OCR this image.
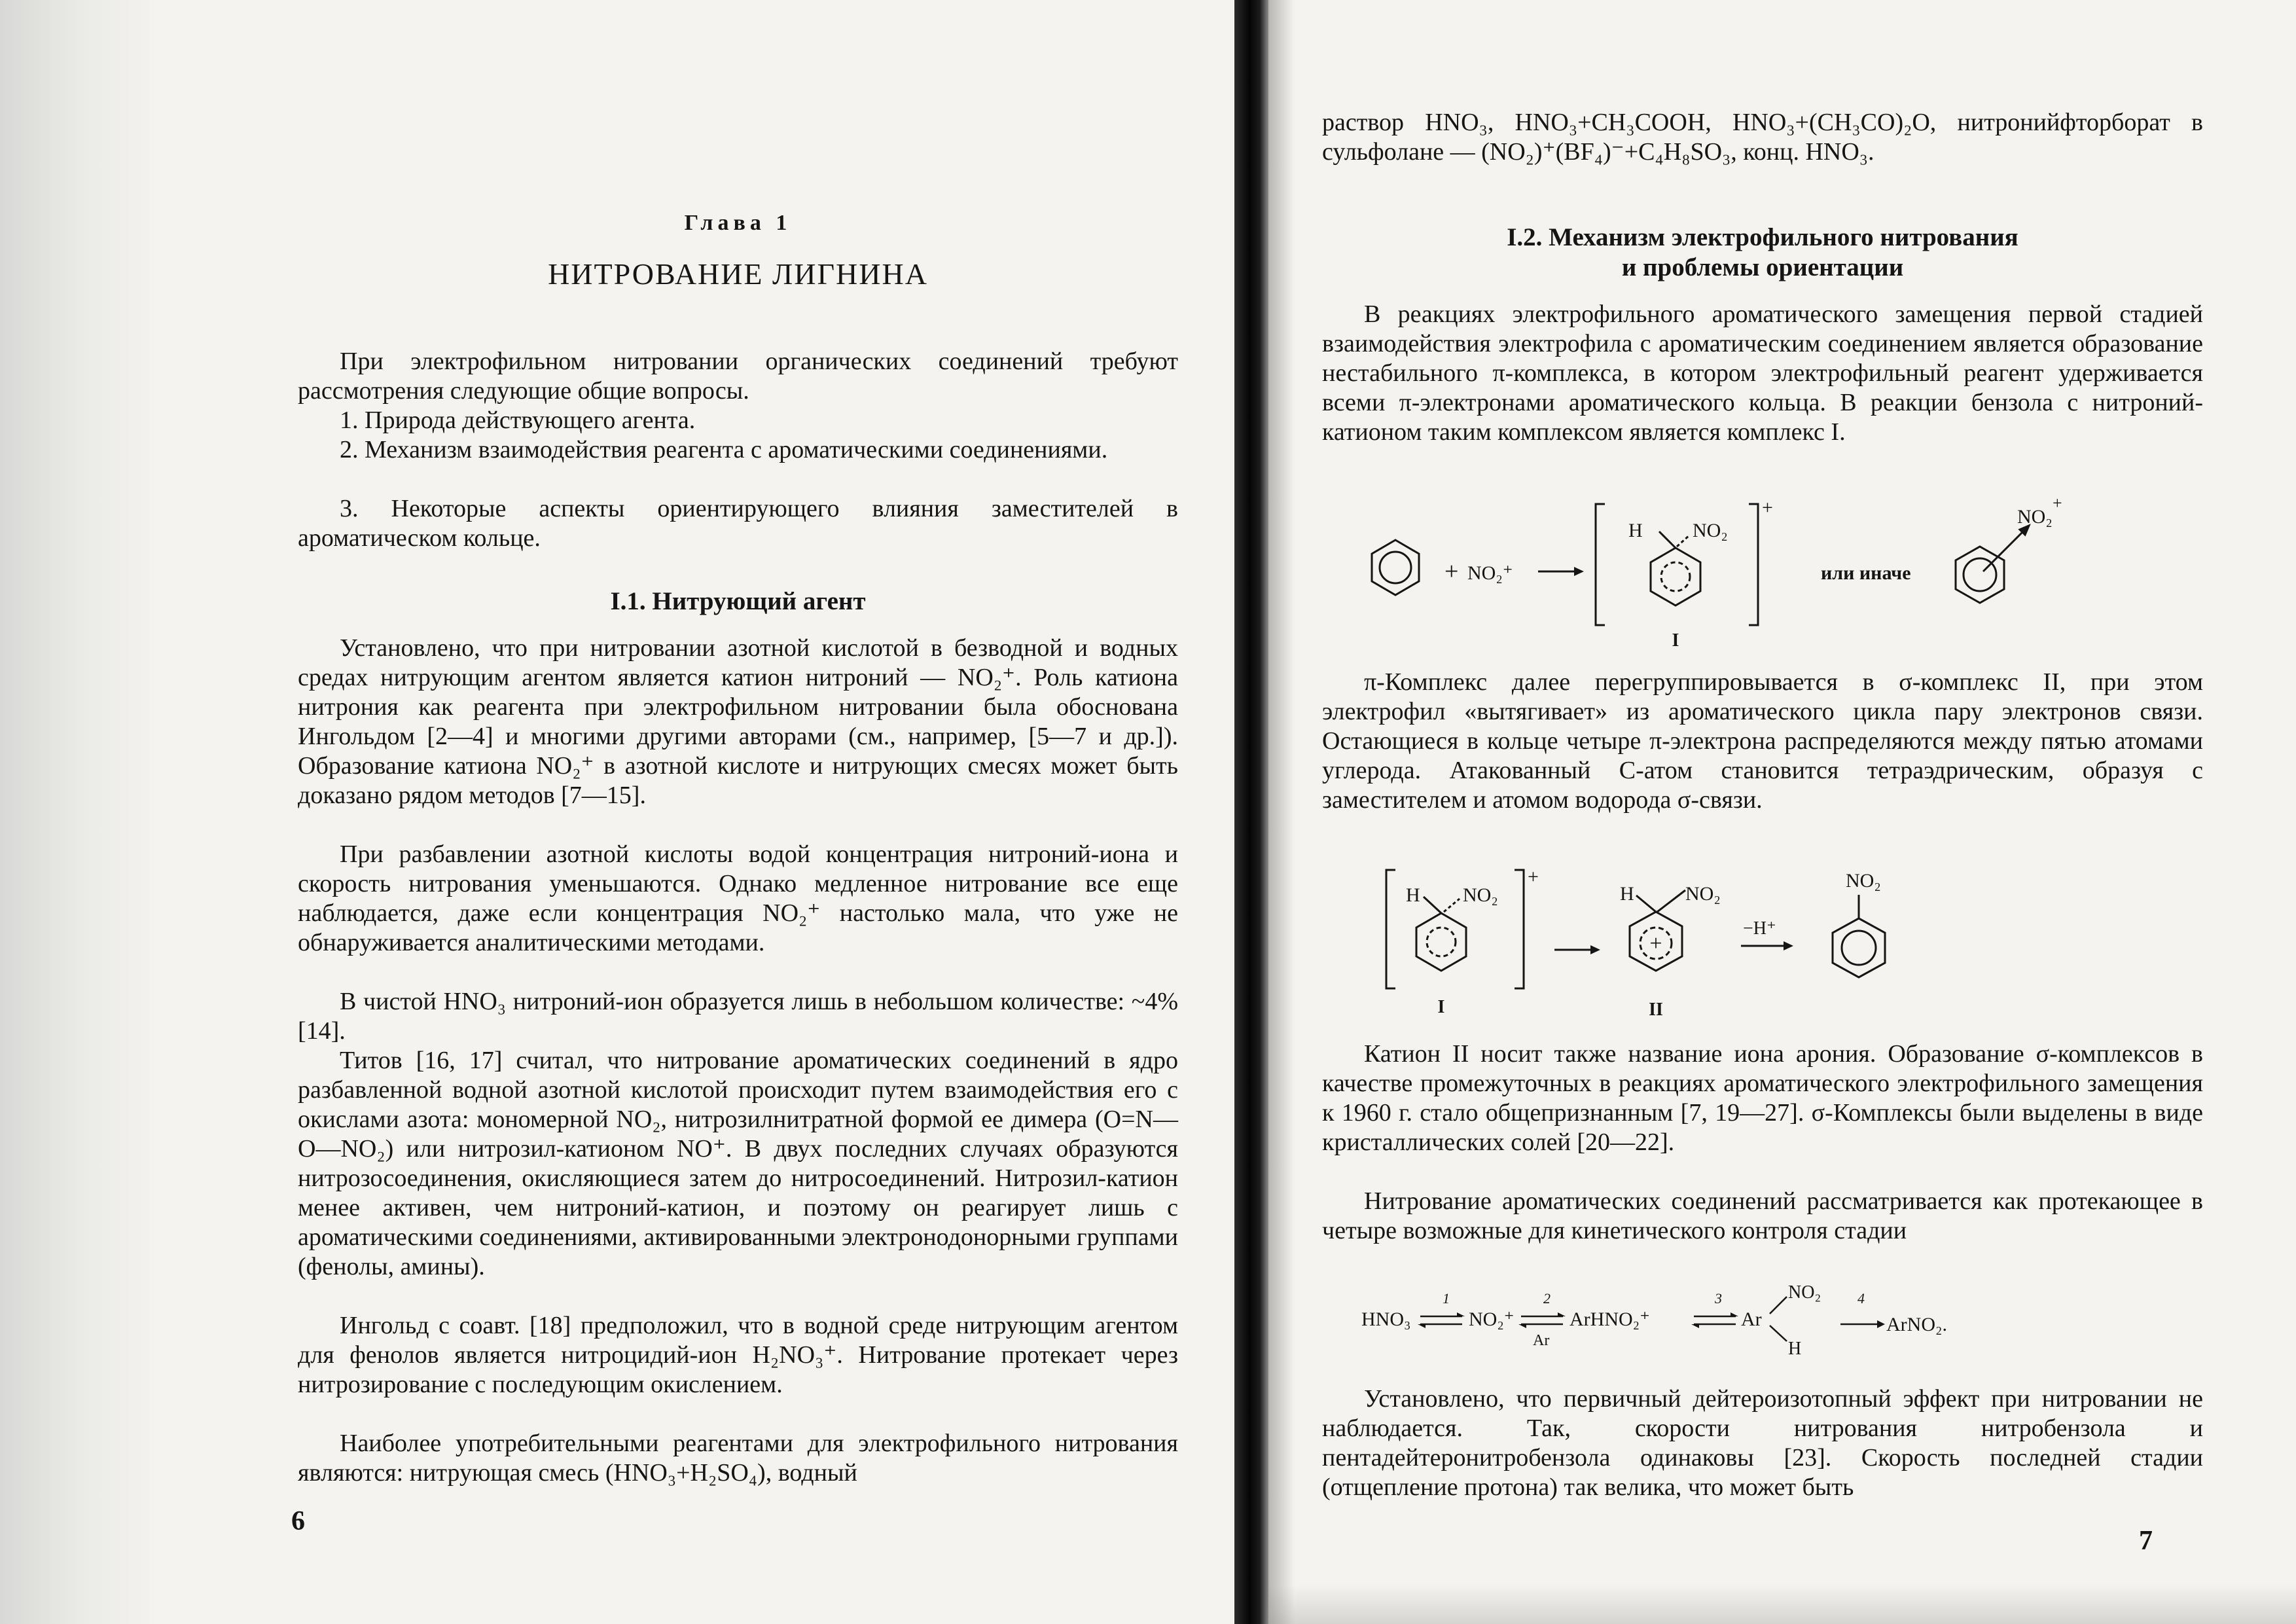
Глава 1
НИТРОВАНИЕ ЛИГНИНА

При электрофильном нитровании органических соединений требуют рассмотрения следующие общие вопросы.

1. Природа действующего агента.

2. Механизм взаимодействия реагента с ароматическими соединениями.

3. Некоторые аспекты ориентирующего влияния заместителей в ароматическом кольце.

I.1. Нитрующий агент

Установлено, что при нитровании азотной кислотой в безводной и водных средах нитрующим агентом является катион нитроний — NO₂⁺. Роль катиона нитрония как реагента при электрофильном нитровании была обоснована Ингольдом [2—4] и многими другими авторами (см., например, [5—7 и др.]). Образование катиона NO₂⁺ в азотной кислоте и нитрующих смесях может быть доказано рядом методов [7—15].

При разбавлении азотной кислоты водой концентрация нитроний-иона и скорость нитрования уменьшаются. Однако медленное нитрование все еще наблюдается, даже если концентрация NO₂⁺ настолько мала, что уже не обнаруживается аналитическими методами.

В чистой HNO₃ нитроний-ион образуется лишь в небольшом количестве: ~4% [14].

Титов [16, 17] считал, что нитрование ароматических соединений в ядро разбавленной водной азотной кислотой происходит путем взаимодействия его с окислами азота: мономерной NO₂, нитрозилнитратной формой ее димера (O=N—O—NO₂) или нитрозил-катионом NO⁺. В двух последних случаях образуются нитрозосоединения, окисляющиеся затем до нитросоединений. Нитрозил-катион менее активен, чем нитроний-катион, и поэтому он реагирует лишь с ароматическими соединениями, активированными электронодонорными группами (фенолы, амины).

Ингольд с соавт. [18] предположил, что в водной среде нитрующим агентом для фенолов является нитроцидий-ион H₂NO₃⁺. Нитрование протекает через нитрозирование с последующим окислением.

Наиболее употребительными реагентами для электрофильного нитрования являются: нитрующая смесь (HNO₃+H₂SO₄), водный

6

раствор HNO₃, HNO₃+CH₃COOH, HNO₃+(CH₃CO)₂O, нитронийфторборат в сульфолане — (NO₂)⁺(BF₄)⁻+C₄H₈SO₃, конц. HNO₃.

I.2. Механизм электрофильного нитрования
и проблемы ориентации

В реакциях электрофильного ароматического замещения первой стадией взаимодействия электрофила с ароматическим соединением является образование нестабильного π-комплекса, в котором электрофильный реагент удерживается всеми π-электронами ароматического кольца. В реакции бензола с нитроний-катионом таким комплексом является комплекс I.

+ NO₂⁺
+
H	NO₂
I
или иначе
NO₂
+

π-Комплекс далее перегруппировывается в σ-комплекс II, при этом электрофил «вытягивает» из ароматического цикла пару электронов связи. Остающиеся в кольце четыре π-электрона распределяются между пятью атомами углерода. Атакованный С-атом становится тетраэдрическим, образуя с заместителем и атомом водорода σ-связи.

+
H NO₂
I
H	NO₂
+
II
−H⁺
NO₂

Катион II носит также название иона арония. Образование σ-комплексов в качестве промежуточных в реакциях ароматического электрофильного замещения к 1960 г. стало общепризнанным [7, 19—27]. σ-Комплексы были выделены в виде кристаллических солей [20—22].

Нитрование ароматических соединений рассматривается как протекающее в четыре возможные для кинетического контроля стадии

HNO₃
1
NO₂⁺
2
Ar
ArHNO₂⁺
3
Ar
NO₂
H
4
ArNO₂.

Установлено, что первичный дейтероизотопный эффект при нитровании не наблюдается. Так, скорости нитрования нитробензола и пентадейтеронитробензола одинаковы [23]. Скорость последней стадии (отщепление протона) так велика, что может быть

7
